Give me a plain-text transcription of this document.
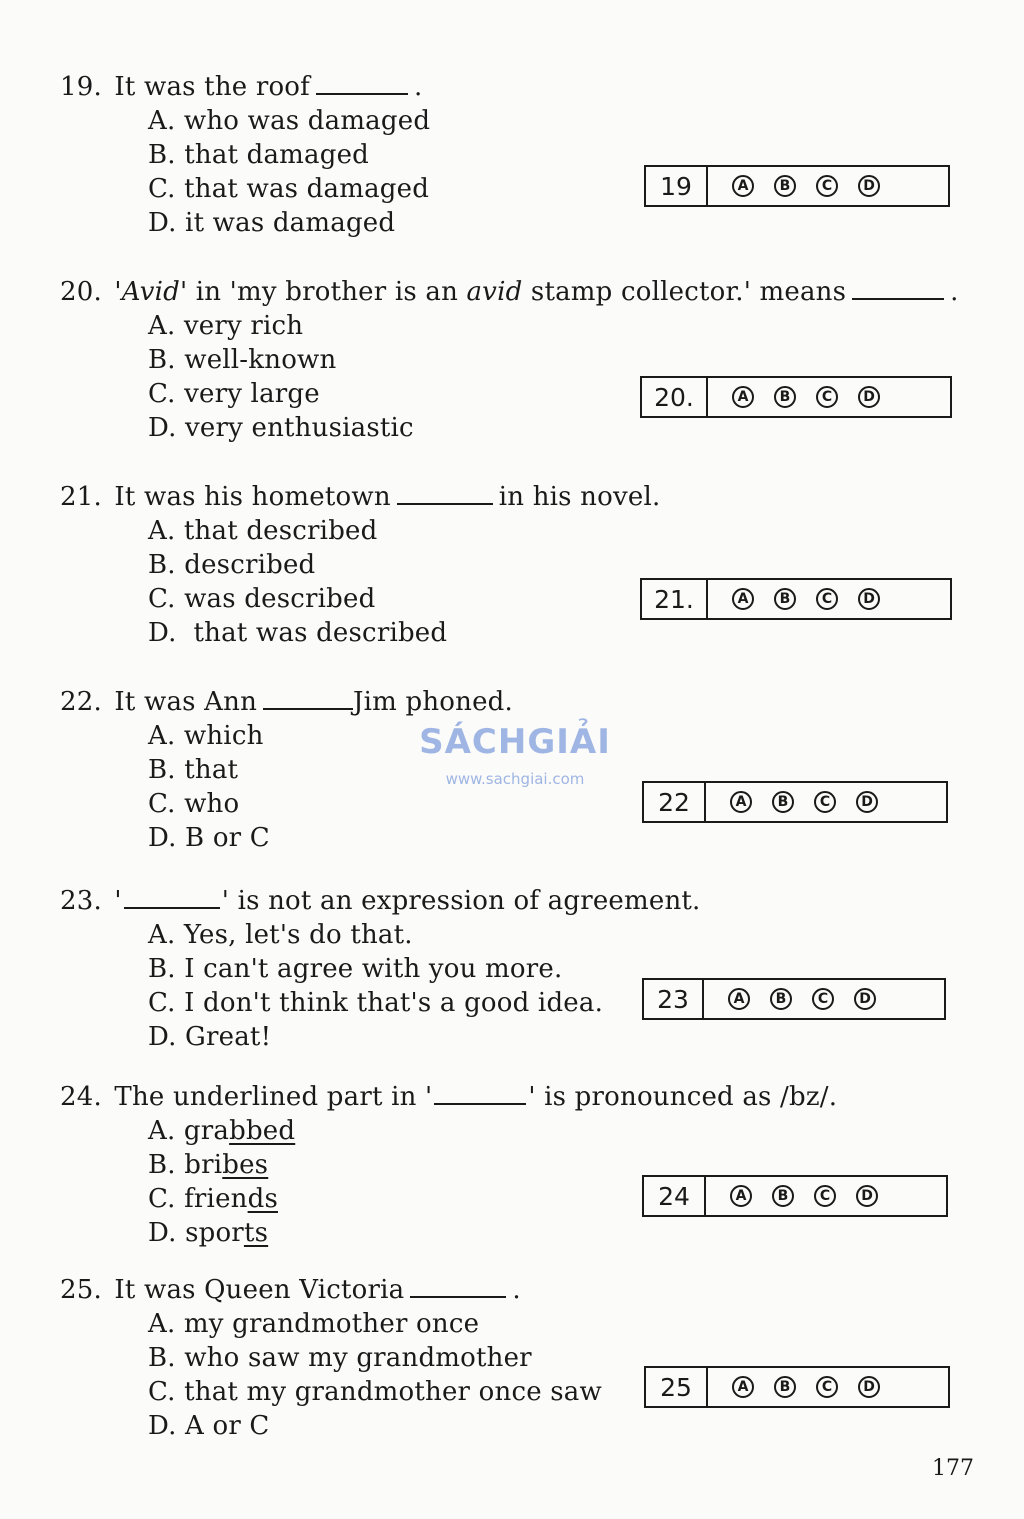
19. It was the roof	.
A. who was damaged
B. that damaged
C. that was damaged
D. it was damaged
19	A	B	C	D
20. 'Avid' in 'my brother is an avid stamp collector.' means	.
A. very rich
B. well-known
C. very large
D. very enthusiastic
20.	A	B	C	D
21. It was his hometown	in his novel.
A. that described
B. described
C. was described
D.  that was described
21.	A	B	C	D
22. It was Ann	Jim phoned.
A. which
B. that
C. who
D. B or C
22	A	B	C	D
SÁCHGIẢI
www.sachgiai.com
23. '	' is not an expression of agreement.
A. Yes, let's do that.
B. I can't agree with you more.
C. I don't think that's a good idea.
D. Great!
23	A	B	C	D
24. The underlined part in '	' is pronounced as /bz/.
A. grabbed
B. bribes
C. friends
D. sports
24	A	B	C	D
25. It was Queen Victoria	.
A. my grandmother once
B. who saw my grandmother
C. that my grandmother once saw
D. A or C
25	A	B	C	D
177
